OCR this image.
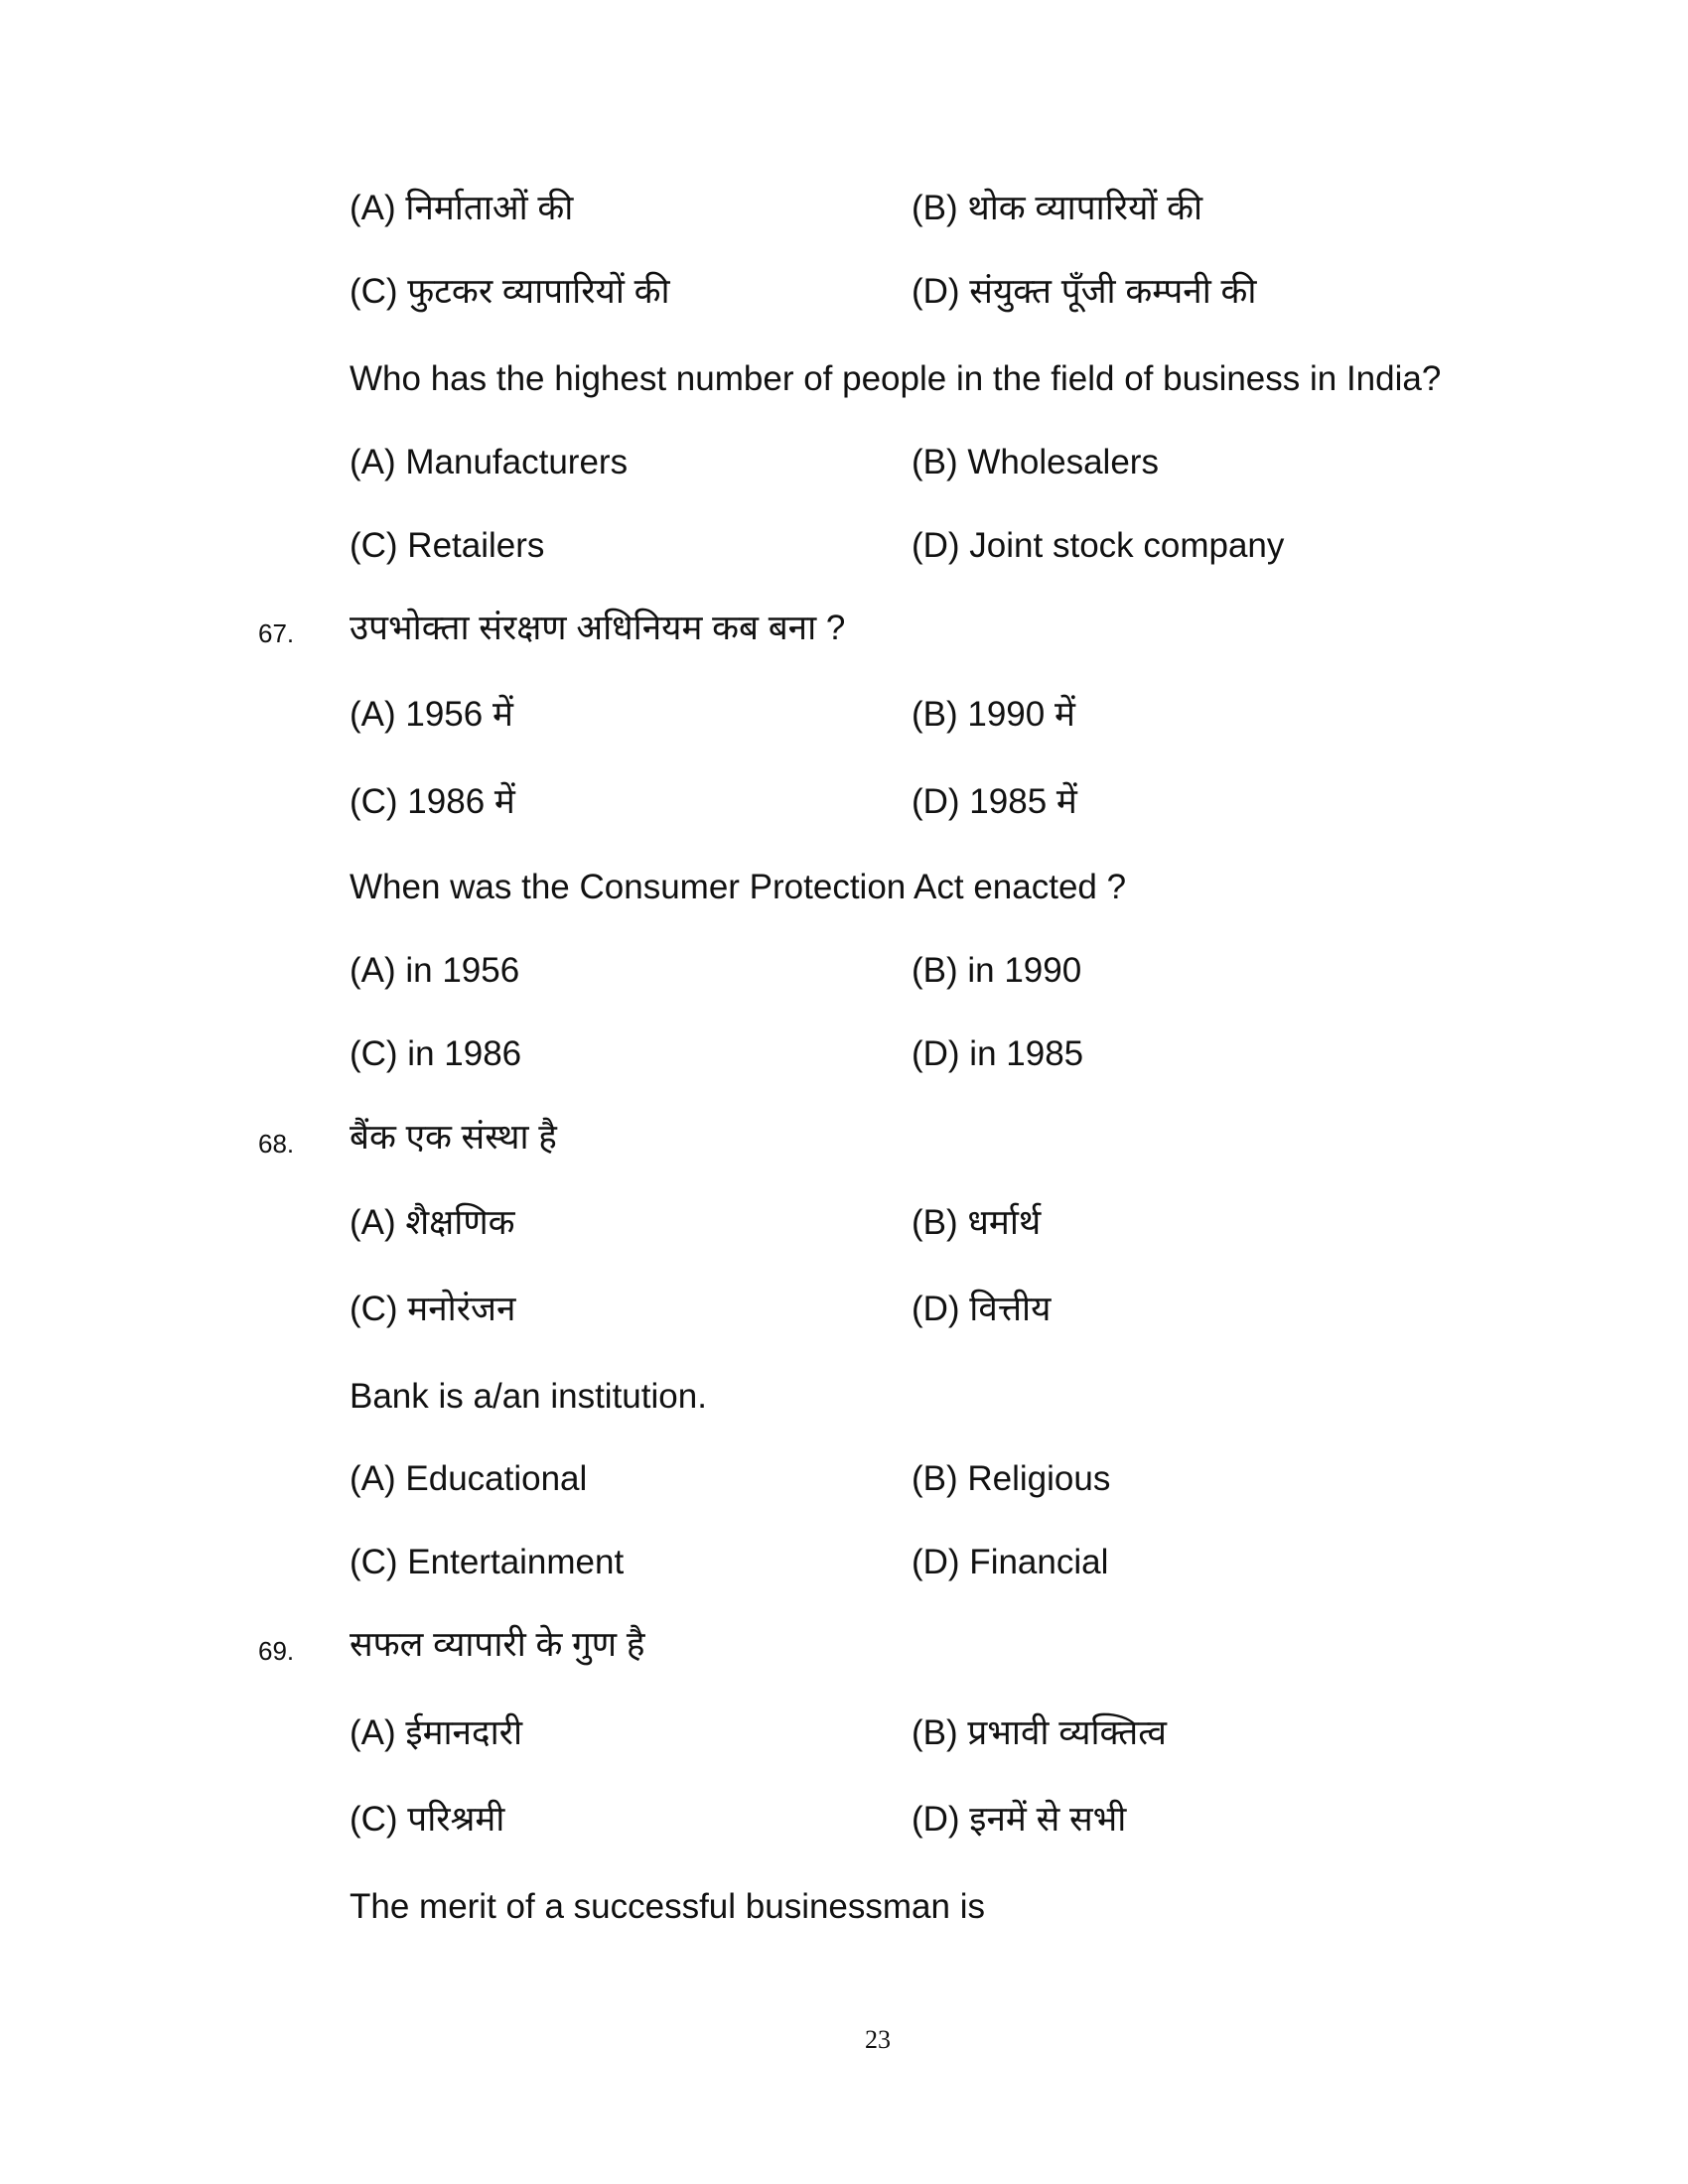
(A) निर्माताओं की	(B) थोक व्यापारियों की
(C) फुटकर व्यापारियों की	(D) संयुक्त पूँजी कम्पनी की
Who has the highest number of people in the field of business in India?
(A) Manufacturers	(B) Wholesalers
(C) Retailers	(D) Joint stock company
67. उपभोक्ता संरक्षण अधिनियम कब बना ?
(A) 1956 में	(B) 1990 में
(C) 1986 में	(D) 1985 में
When was the Consumer Protection Act enacted ?
(A) in 1956	(B) in 1990
(C) in 1986	(D) in 1985
68. बैंक एक संस्था है
(A) शैक्षणिक	(B) धर्मार्थ
(C) मनोरंजन	(D) वित्तीय
Bank is a/an institution.
(A) Educational	(B) Religious
(C) Entertainment	(D) Financial
69. सफल व्यापारी के गुण है
(A) ईमानदारी	(B) प्रभावी व्यक्तित्व
(C) परिश्रमी	(D) इनमें से सभी
The merit of a successful businessman is
23
